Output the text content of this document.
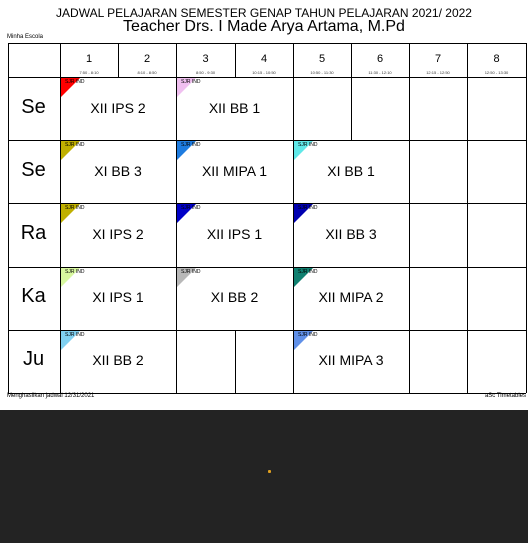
JADWAL PELAJARAN SEMESTER GENAP TAHUN PELAJARAN 2021/ 2022
Teacher Drs. I Made Arya Artama, M.Pd
Minha Escola
1
7:50 - 8:10
2
8:10 - 8:50
3
8:50 - 9:30
4
10:15 - 10:50
5
10:50 - 11:30
6
11:30 - 12:10
7
12:15 - 12:50
8
12:50 - 13:30
Se
SJR IND
XII IPS 2
SJR IND
XII BB 1
Se
SJR IND
XI BB 3
SJR IND
XII MIPA 1
SJR IND
XI BB 1
Ra
SJR IND
XI IPS 2
SJR IND
XII IPS 1
SJR IND
XII BB 3
Ka
SJR IND
XI IPS 1
SJR IND
XI BB 2
SJR IND
XII MIPA 2
Ju
SJR IND
XII BB 2
SJR IND
XII MIPA 3
Menghasilkan jadwal 12/31/2021	aSc Timetables
